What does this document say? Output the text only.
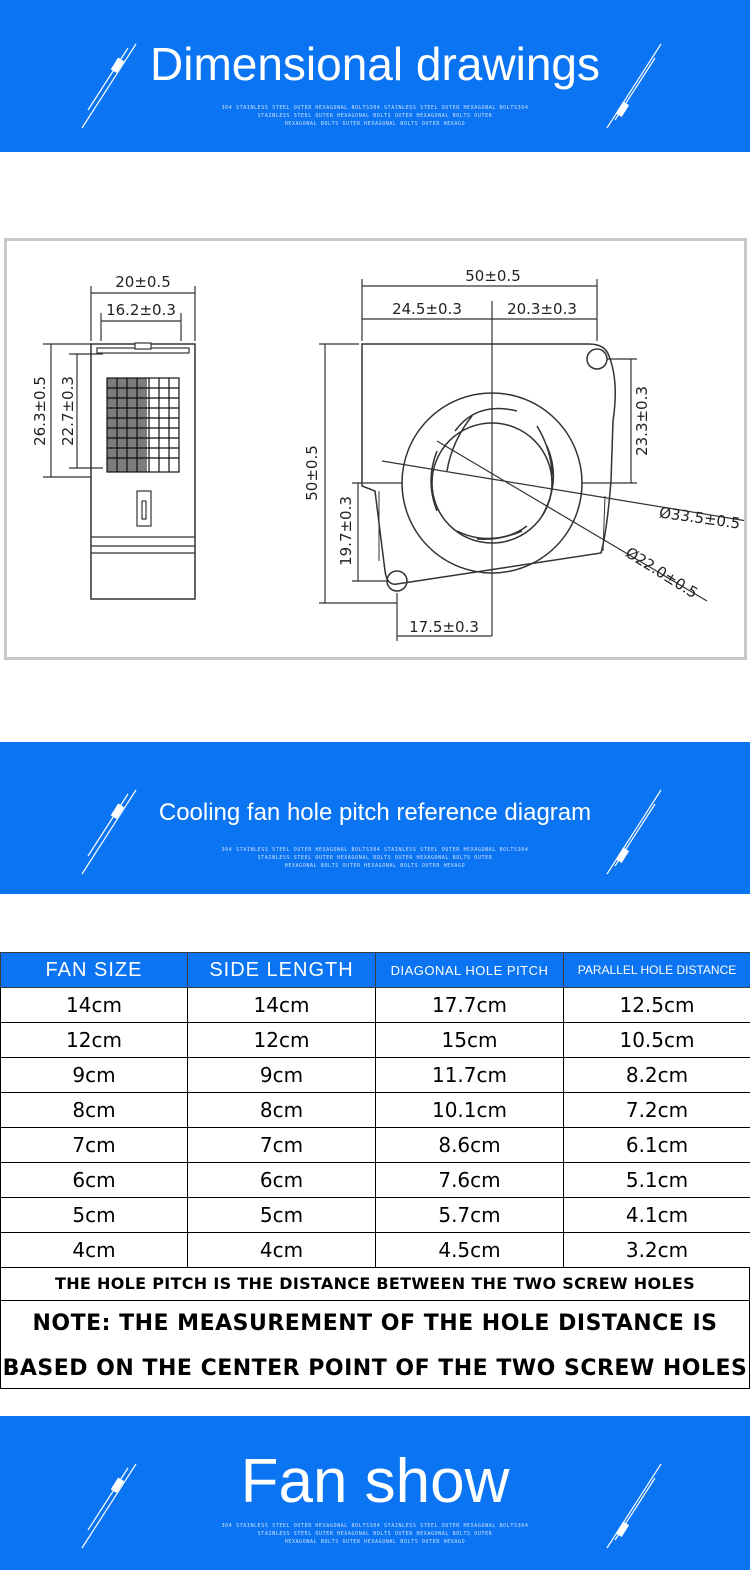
Dimensional drawings
304 STAINLESS STEEL OUTER HEXAGONAL BOLTS304 STAINLESS STEEL OUTER HEXAGONAL BOLTS304
STAINLESS STEEL OUTER HEXAGONAL BOLTS OUTER HEXAGONAL BOLTS OUTER
HEXAGONAL BOLTS OUTER HEXAGONAL BOLTS OUTER HEXAGO
20±0.5
16.2±0.3
26.3±0.5 22.7±0.3
50±0.5
24.5±0.3	20.3±0.3
50±0.5
23.3±0.3
19.7±0.3
17.5±0.3
Ø33.5±0.5
Ø22.0±0.5
Cooling fan hole pitch reference diagram
304 STAINLESS STEEL OUTER HEXAGONAL BOLTS304 STAINLESS STEEL OUTER HEXAGONAL BOLTS304
STAINLESS STEEL OUTER HEXAGONAL BOLTS OUTER HEXAGONAL BOLTS OUTER
HEXAGONAL BOLTS OUTER HEXAGONAL BOLTS OUTER HEXAGO
FAN SIZE	SIDE LENGTH	DIAGONAL HOLE PITCH	PARALLEL HOLE DISTANCE
14cm	14cm	17.7cm	12.5cm
12cm	12cm	15cm	10.5cm
9cm	9cm	11.7cm	8.2cm
8cm	8cm	10.1cm	7.2cm
7cm	7cm	8.6cm	6.1cm
6cm	6cm	7.6cm	5.1cm
5cm	5cm	5.7cm	4.1cm
4cm	4cm	4.5cm	3.2cm
THE HOLE PITCH IS THE DISTANCE BETWEEN THE TWO SCREW HOLES
NOTE: THE MEASUREMENT OF THE HOLE DISTANCE IS
BASED ON THE CENTER POINT OF THE TWO SCREW HOLES
Fan show
304 STAINLESS STEEL OUTER HEXAGONAL BOLTS304 STAINLESS STEEL OUTER HEXAGONAL BOLTS304
STAINLESS STEEL OUTER HEXAGONAL BOLTS OUTER HEXAGONAL BOLTS OUTER
HEXAGONAL BOLTS OUTER HEXAGONAL BOLTS OUTER HEXAGO
